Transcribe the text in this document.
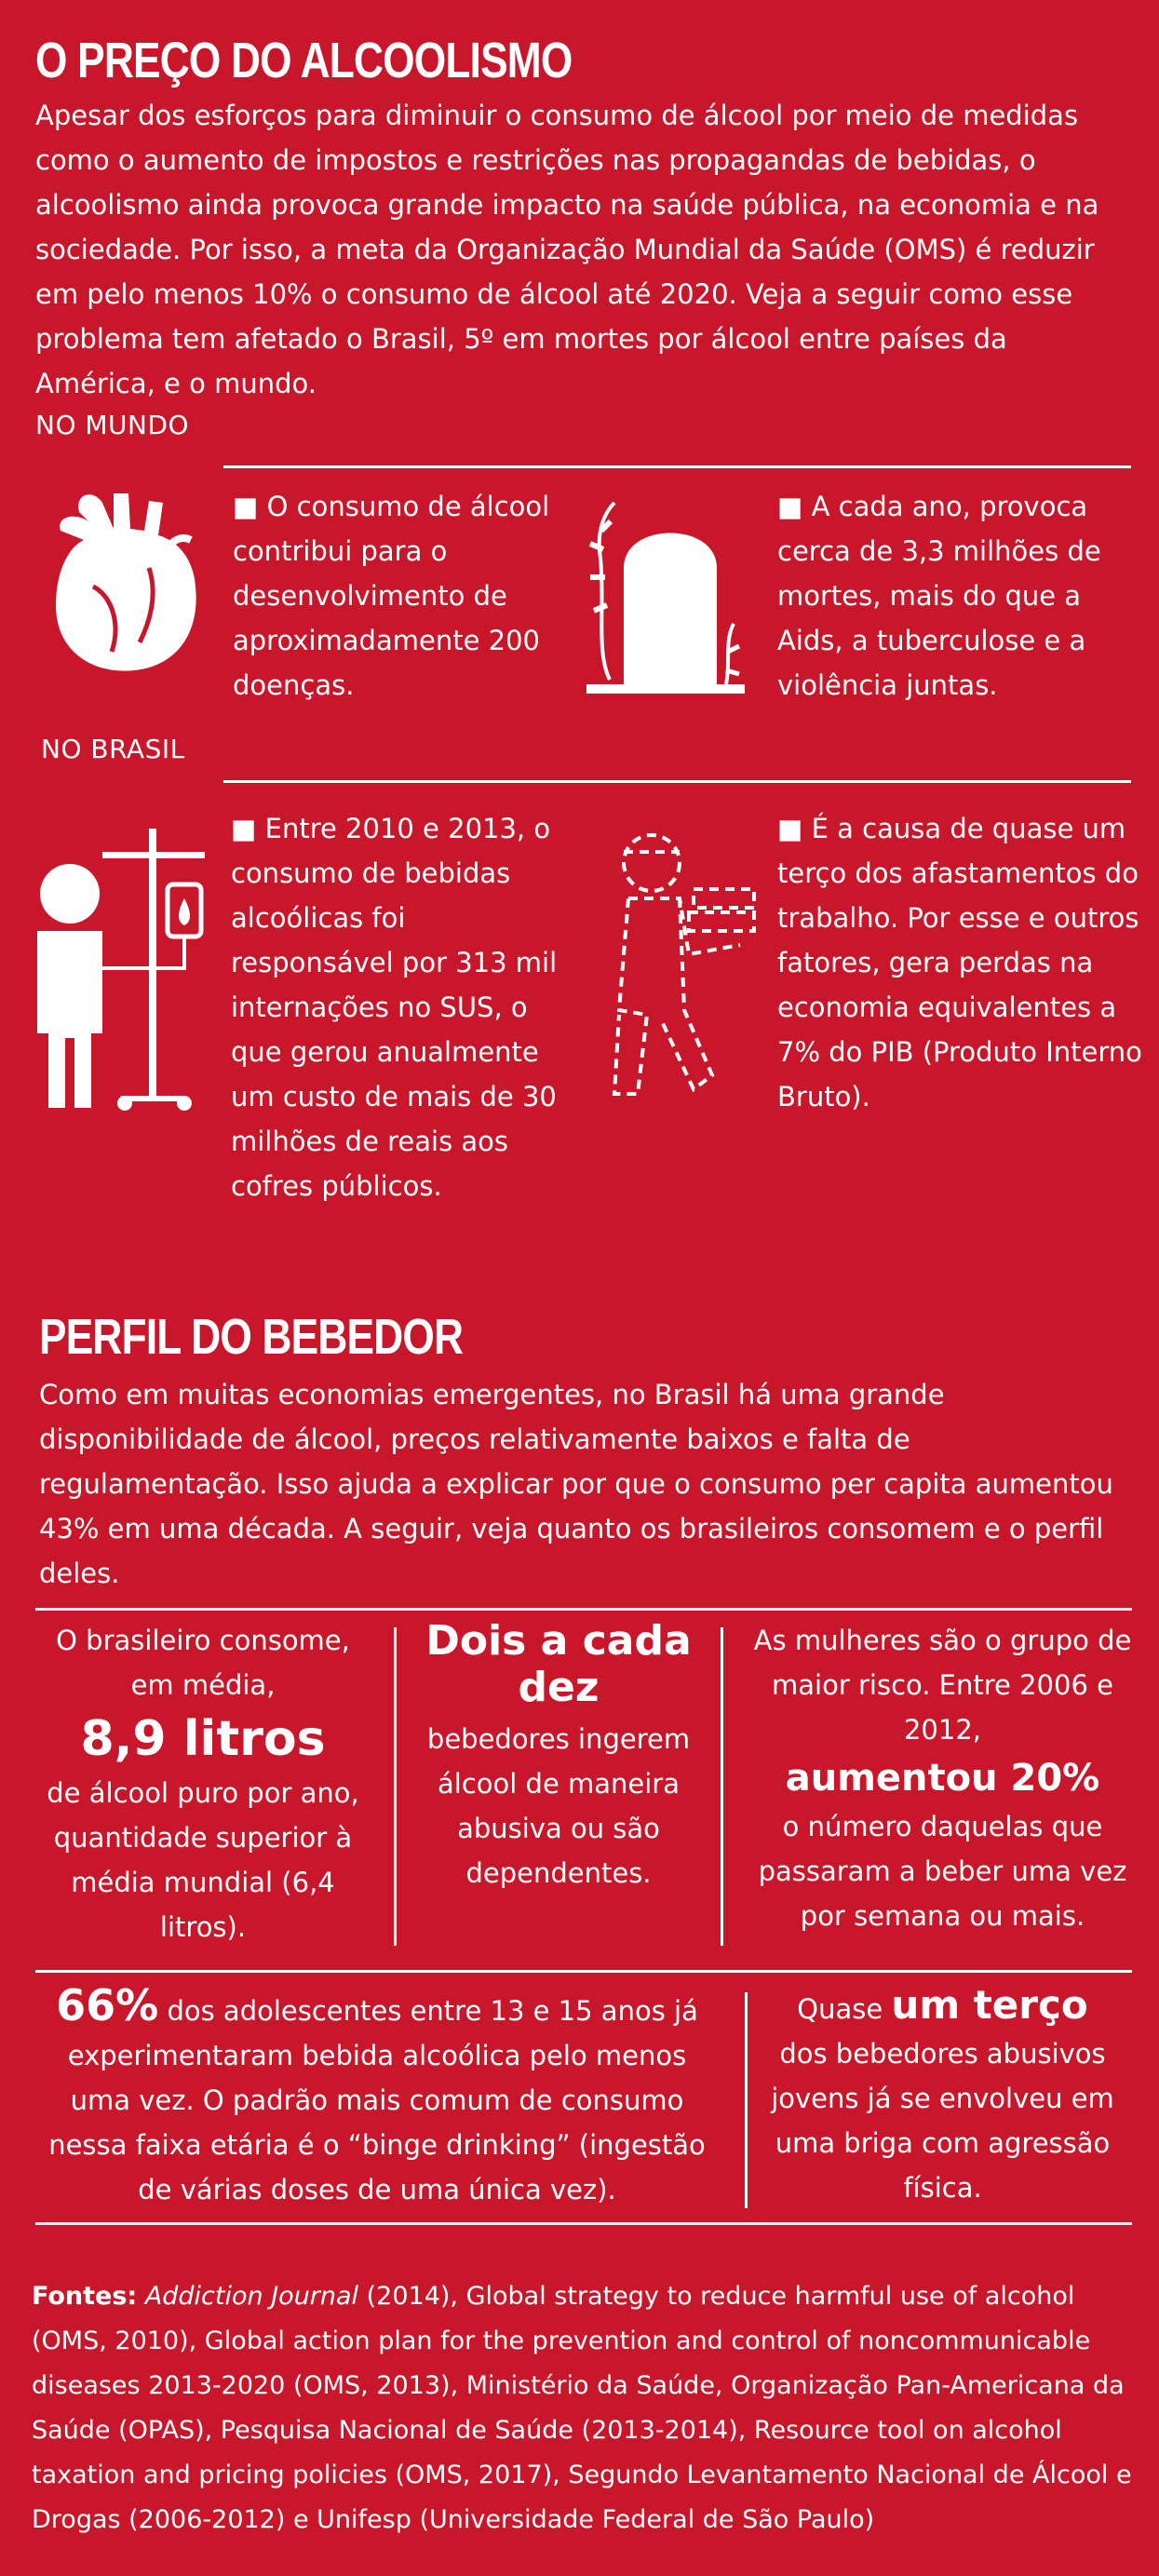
O PREÇO DO ALCOOLISMO
Apesar dos esforços para diminuir o consumo de álcool por meio de medidas como o aumento de impostos e restrições nas propagandas de bebidas, o alcoolismo ainda provoca grande impacto na saúde pública, na economia e na sociedade. Por isso, a meta da Organização Mundial da Saúde (OMS) é reduzir em pelo menos 10% o consumo de álcool até 2020. Veja a seguir como esse problema tem afetado o Brasil, 5º em mortes por álcool entre países da América, e o mundo.
NO MUNDO
■ O consumo de álcool contribui para o desenvolvimento de aproximadamente 200 doenças.
■ A cada ano, provoca cerca de 3,3 milhões de mortes, mais do que a Aids, a tuberculose e a violência juntas.
NO BRASIL
■ Entre 2010 e 2013, o consumo de bebidas alcoólicas foi responsável por 313 mil internações no SUS, o que gerou anualmente um custo de mais de 30 milhões de reais aos cofres públicos.
■ É a causa de quase um terço dos afastamentos do trabalho. Por esse e outros fatores, gera perdas na economia equivalentes a 7% do PIB (Produto Interno Bruto).
PERFIL DO BEBEDOR
Como em muitas economias emergentes, no Brasil há uma grande disponibilidade de álcool, preços relativamente baixos e falta de regulamentação. Isso ajuda a explicar por que o consumo per capita aumentou 43% em uma década. A seguir, veja quanto os brasileiros consomem e o perfil deles.
O brasileiro consome, em média,
8,9 litros
de álcool puro por ano, quantidade superior à média mundial (6,4 litros).
Dois a cada dez
bebedores ingerem álcool de maneira abusiva ou são dependentes.
As mulheres são o grupo de maior risco. Entre 2006 e 2012,
aumentou 20%
o número daquelas que passaram a beber uma vez por semana ou mais.
66% dos adolescentes entre 13 e 15 anos já experimentaram bebida alcoólica pelo menos uma vez. O padrão mais comum de consumo nessa faixa etária é o “binge drinking” (ingestão de várias doses de uma única vez).
Quase um terço
dos bebedores abusivos jovens já se envolveu em uma briga com agressão física.
Fontes: Addiction Journal (2014), Global strategy to reduce harmful use of alcohol (OMS, 2010), Global action plan for the prevention and control of noncommunicable diseases 2013-2020 (OMS, 2013), Ministério da Saúde, Organização Pan-Americana da Saúde (OPAS), Pesquisa Nacional de Saúde (2013-2014), Resource tool on alcohol taxation and pricing policies (OMS, 2017), Segundo Levantamento Nacional de Álcool e Drogas (2006-2012) e Unifesp (Universidade Federal de São Paulo)
